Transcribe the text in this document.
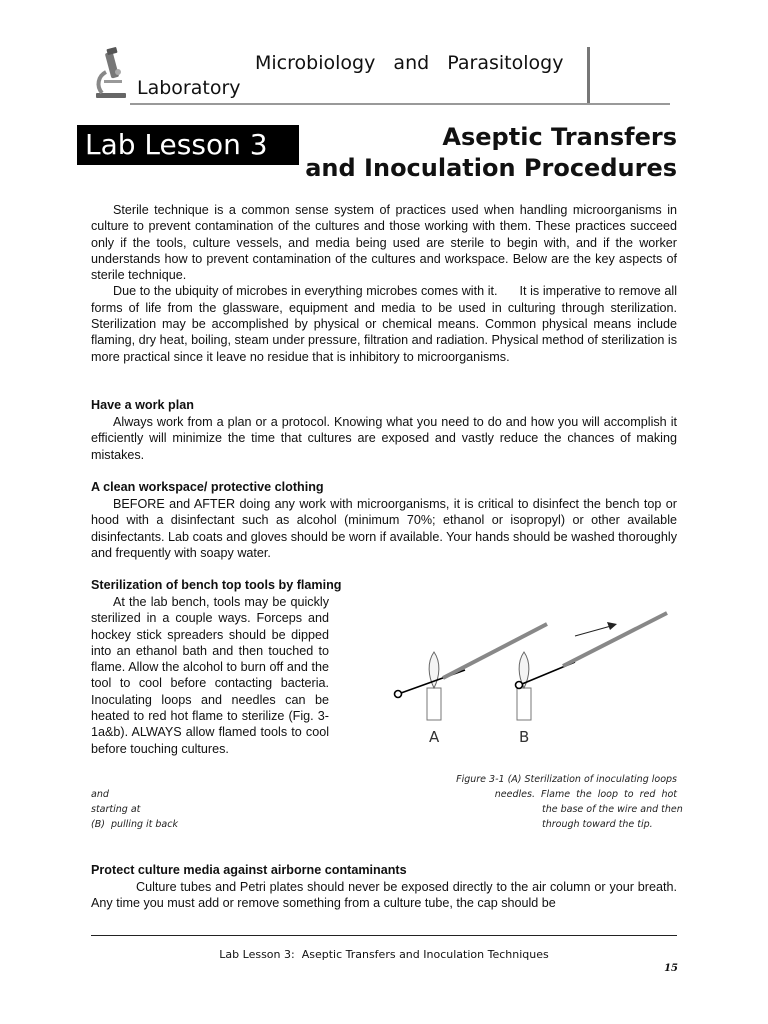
Microbiology   and   Parasitology
Laboratory
Lab Lesson 3	Aseptic Transfers
and Inoculation Procedures

Sterile technique is a common sense system of practices used when handling microorganisms in culture to prevent contamination of the cultures and those working with them. These practices succeed only if the tools, culture vessels, and media being used are sterile to begin with, and if the worker understands how to prevent contamination of the cultures and workspace. Below are the key aspects of sterile technique.

Due to the ubiquity of microbes in everything microbes comes with it.      It is imperative to remove all forms of life from the glassware, equipment and media to be used in culturing through sterilization.    Sterilization may be accomplished by physical or chemical means. Common physical means include flaming, dry heat, boiling, steam under pressure, filtration and radiation. Physical method of sterilization is more practical since it leave no residue that is inhibitory to microorganisms.

Have a work plan

Always work from a plan or a protocol. Knowing what you need to do and how you will accomplish it efficiently will minimize the time that cultures are exposed and vastly reduce the chances of making mistakes.

A clean workspace/ protective clothing

BEFORE and AFTER doing any work with microorganisms, it is critical to disinfect the bench top or hood with a disinfectant such as alcohol (minimum 70%; ethanol or isopropyl) or other available disinfectants. Lab coats and gloves should be worn if available. Your hands should be washed thoroughly and frequently with soapy water.

Sterilization of bench top tools by flaming

At the lab bench, tools may be quickly sterilized in a couple ways. Forceps and hockey stick spreaders should be dipped into an ethanol bath and then touched to flame. Allow the alcohol to burn off and the tool to cool before contacting bacteria. Inoculating loops and needles can be heated to red hot flame to sterilize (Fig. 3-1a&b). ALWAYS allow flamed tools to cool before touching cultures.

A	B
Figure 3-1 (A) Sterilization of inoculating loops
needles.  Flame  the  loop  to  red  hot
the base of the wire and then
through toward the tip.
and
starting at
(B)  pulling it back
Protect culture media against airborne contaminants

Culture tubes and Petri plates should never be exposed directly to the air column or your breath. Any time you must add or remove something from a culture tube, the cap should be

Lab Lesson 3:  Aseptic Transfers and Inoculation Techniques
15
